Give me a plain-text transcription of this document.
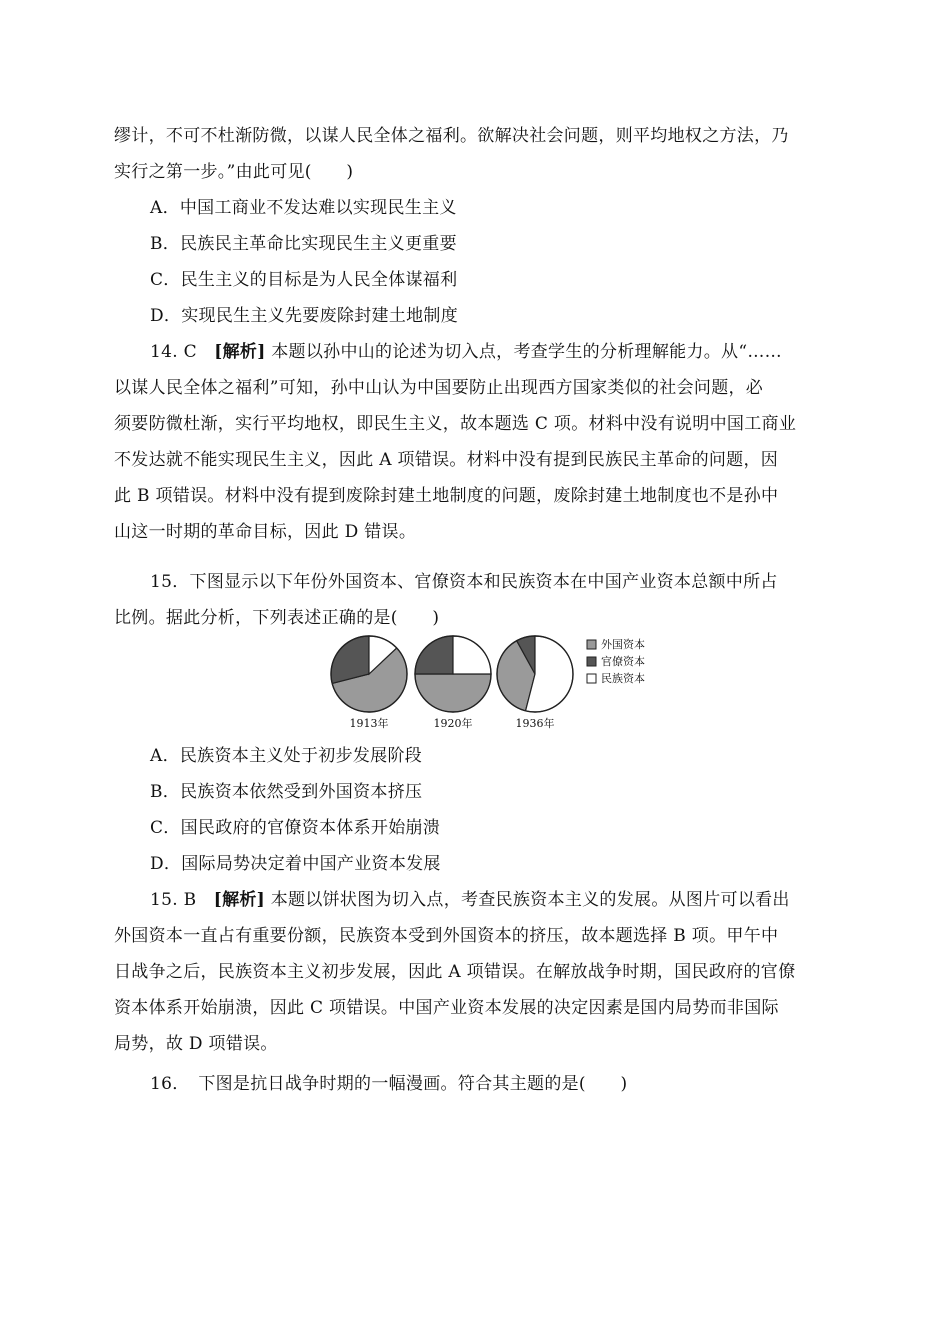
缪计，不可不杜渐防微，以谋人民全体之福利。欲解决社会问题，则平均地权之方法，乃
实行之第一步。”由此可见(　　)
A．中国工商业不发达难以实现民生主义
B．民族民主革命比实现民生主义更重要
C．民生主义的目标是为人民全体谋福利
D．实现民生主义先要废除封建土地制度
14. C　[解析] 本题以孙中山的论述为切入点，考查学生的分析理解能力。从“……
以谋人民全体之福利”可知，孙中山认为中国要防止出现西方国家类似的社会问题，必
须要防微杜渐，实行平均地权，即民生主义，故本题选 C 项。材料中没有说明中国工商业
不发达就不能实现民生主义，因此 A 项错误。材料中没有提到民族民主革命的问题，因
此 B 项错误。材料中没有提到废除封建土地制度的问题，废除封建土地制度也不是孙中
山这一时期的革命目标，因此 D 错误。
15．下图显示以下年份外国资本、官僚资本和民族资本在中国产业资本总额中所占
比例。据此分析，下列表述正确的是(　　)
1913年	1920年	1936年
外国资本
官僚资本
民族资本
A．民族资本主义处于初步发展阶段
B．民族资本依然受到外国资本挤压
C．国民政府的官僚资本体系开始崩溃
D．国际局势决定着中国产业资本发展
15. B　[解析] 本题以饼状图为切入点，考查民族资本主义的发展。从图片可以看出
外国资本一直占有重要份额，民族资本受到外国资本的挤压，故本题选择 B 项。甲午中
日战争之后，民族资本主义初步发展，因此 A 项错误。在解放战争时期，国民政府的官僚
资本体系开始崩溃，因此 C 项错误。中国产业资本发展的决定因素是国内局势而非国际
局势，故 D 项错误。
16．　下图是抗日战争时期的一幅漫画。符合其主题的是(　　)
